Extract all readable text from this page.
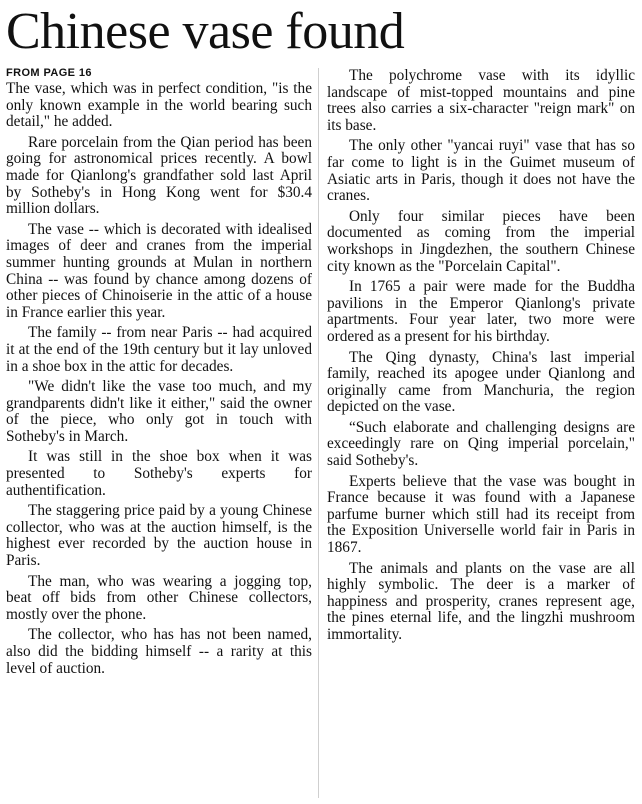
Chinese vase found
FROM PAGE 16

The vase, which was in perfect condition, "is the only known example in the world bearing such detail," he added.

Rare porcelain from the Qian period has been going for astronomical prices recently. A bowl made for Qianlong's grandfather sold last April by Sotheby's in Hong Kong went for $30.4 million dollars.

The vase -- which is decorated with idealised images of deer and cranes from the imperial summer hunting grounds at Mulan in northern China -- was found by chance among dozens of other pieces of Chinoiserie in the attic of a house in France earlier this year.

The family -- from near Paris -- had acquired it at the end of the 19th century but it lay unloved in a shoe box in the attic for decades.

"We didn't like the vase too much, and my grandparents didn't like it either," said the owner of the piece, who only got in touch with Sotheby's in March.

It was still in the shoe box when it was presented to Sotheby's experts for authentification.

The staggering price paid by a young Chinese collector, who was at the auction himself, is the highest ever recorded by the auction house in Paris.

The man, who was wearing a jogging top, beat off bids from other Chinese collectors, mostly over the phone.

The collector, who has has not been named, also did the bidding himself -- a rarity at this level of auction.

The polychrome vase with its idyllic landscape of mist-topped mountains and pine trees also carries a six-character "reign mark" on its base.

The only other "yancai ruyi" vase that has so far come to light is in the Guimet museum of Asiatic arts in Paris, though it does not have the cranes.

Only four similar pieces have been documented as coming from the imperial workshops in Jingdezhen, the southern Chinese city known as the "Porcelain Capital".

In 1765 a pair were made for the Buddha pavilions in the Emperor Qianlong's private apartments. Four year later, two more were ordered as a present for his birthday.

The Qing dynasty, China's last imperial family, reached its apogee under Qianlong and originally came from Manchuria, the region depicted on the vase.

“Such elaborate and challenging designs are exceedingly rare on Qing imperial porcelain," said Sotheby's.

Experts believe that the vase was bought in France because it was found with a Japanese parfume burner which still had its receipt from the Exposition Universelle world fair in Paris in 1867.

The animals and plants on the vase are all highly symbolic. The deer is a marker of happiness and prosperity, cranes represent age, the pines eternal life, and the lingzhi mushroom immortality.
